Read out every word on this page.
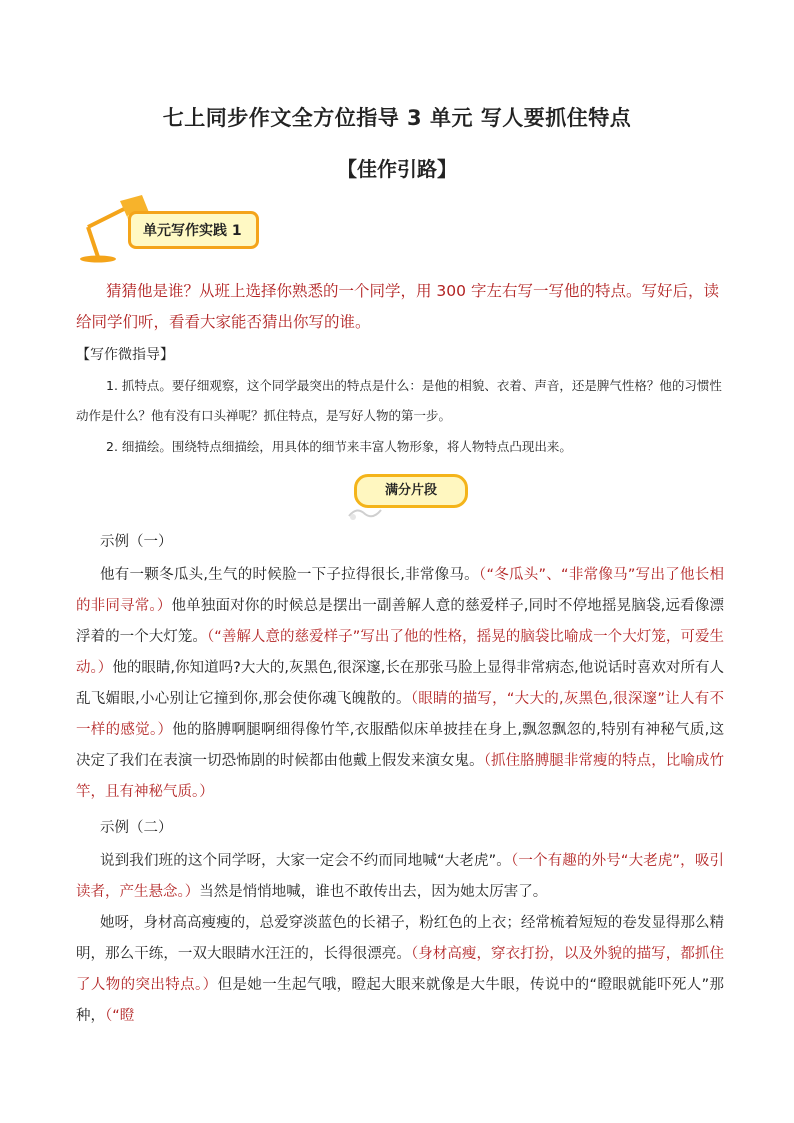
七上同步作文全方位指导 3 单元 写人要抓住特点
【佳作引路】
单元写作实践 1
猜猜他是谁？从班上选择你熟悉的一个同学，用 300 字左右写一写他的特点。写好后，读给同学们听，看看大家能否猜出你写的谁。
【写作微指导】
1. 抓特点。要仔细观察，这个同学最突出的特点是什么：是他的相貌、衣着、声音，还是脾气性格？他的习惯性动作是什么？他有没有口头禅呢？抓住特点，是写好人物的第一步。
2. 细描绘。围绕特点细描绘，用具体的细节来丰富人物形象，将人物特点凸现出来。
满分片段
示例（一）
他有一颗冬瓜头,生气的时候脸一下子拉得很长,非常像马。（“冬瓜头”、“非常像马”写出了他长相的非同寻常。）他单独面对你的时候总是摆出一副善解人意的慈爱样子,同时不停地摇晃脑袋,远看像漂浮着的一个大灯笼。（“善解人意的慈爱样子”写出了他的性格，摇晃的脑袋比喻成一个大灯笼，可爱生动。）他的眼睛,你知道吗?大大的,灰黑色,很深邃,长在那张马脸上显得非常病态,他说话时喜欢对所有人乱飞媚眼,小心别让它撞到你,那会使你魂飞魄散的。（眼睛的描写，“大大的,灰黑色,很深邃”让人有不一样的感觉。）他的胳膊啊腿啊细得像竹竿,衣服酷似床单披挂在身上,飘忽飘忽的,特别有神秘气质,这决定了我们在表演一切恐怖剧的时候都由他戴上假发来演女鬼。（抓住胳膊腿非常瘦的特点，比喻成竹竿，且有神秘气质。）
示例（二）
说到我们班的这个同学呀，大家一定会不约而同地喊“大老虎”。（一个有趣的外号“大老虎”，吸引读者，产生悬念。）当然是悄悄地喊，谁也不敢传出去，因为她太厉害了。
她呀，身材高高瘦瘦的，总爱穿淡蓝色的长裙子，粉红色的上衣；经常梳着短短的卷发显得那么精明，那么干练，一双大眼睛水汪汪的，长得很漂亮。（身材高瘦，穿衣打扮，以及外貌的描写，都抓住了人物的突出特点。）但是她一生起气哦，瞪起大眼来就像是大牛眼，传说中的“瞪眼就能吓死人”那种，（“瞪
